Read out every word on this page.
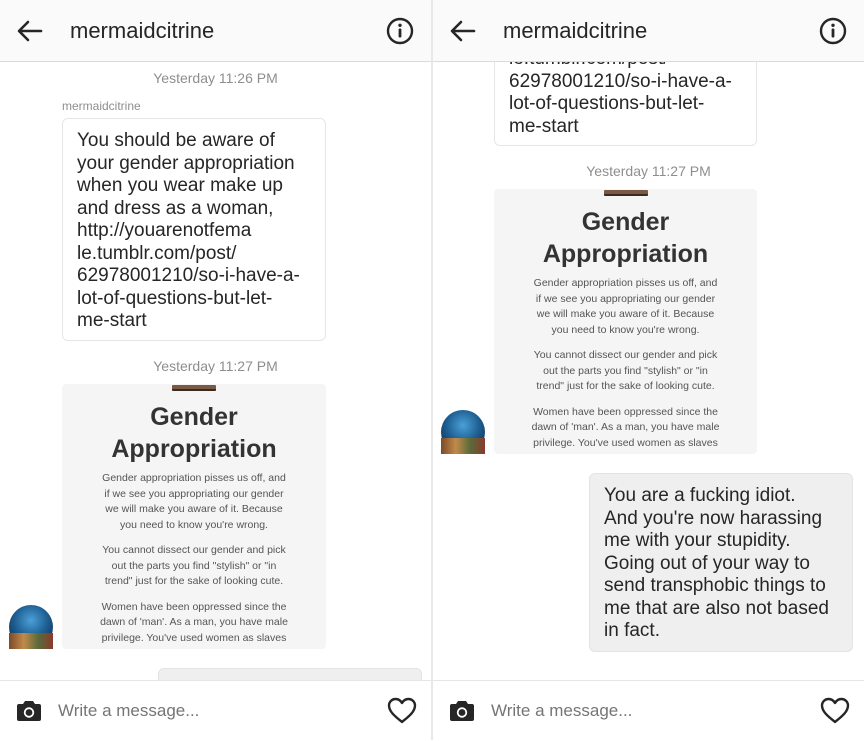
mermaidcitrine
Yesterday 11:26 PM
mermaidcitrine
You should be aware of
your gender appropriation
when you wear make up
and dress as a woman,
http://youarenotfema
le.tumblr.com/post/
62978001210/so-i-have-a-
lot-of-questions-but-let-
me-start
Yesterday 11:27 PM
Gender
Appropriation
Gender appropriation pisses us off, and
if we see you appropriating our gender
we will make you aware of it. Because
you need to know you're wrong.
You cannot dissect our gender and pick
out the parts you find "stylish" or "in
trend" just for the sake of looking cute.
Women have been oppressed since the
dawn of 'man'. As a man, you have male
privilege. You've used women as slaves
Write a message...
mermaidcitrine

62978001210/so-i-have-a-
lot-of-questions-but-let-
me-start
Yesterday 11:27 PM
Gender
Appropriation
Gender appropriation pisses us off, and
if we see you appropriating our gender
we will make you aware of it. Because
you need to know you're wrong.
You cannot dissect our gender and pick
out the parts you find "stylish" or "in
trend" just for the sake of looking cute.
Women have been oppressed since the
dawn of 'man'. As a man, you have male
privilege. You've used women as slaves
You are a fucking idiot.
And you're now harassing
me with your stupidity.
Going out of your way to
send transphobic things to
me that are also not based
in fact.
Write a message...
